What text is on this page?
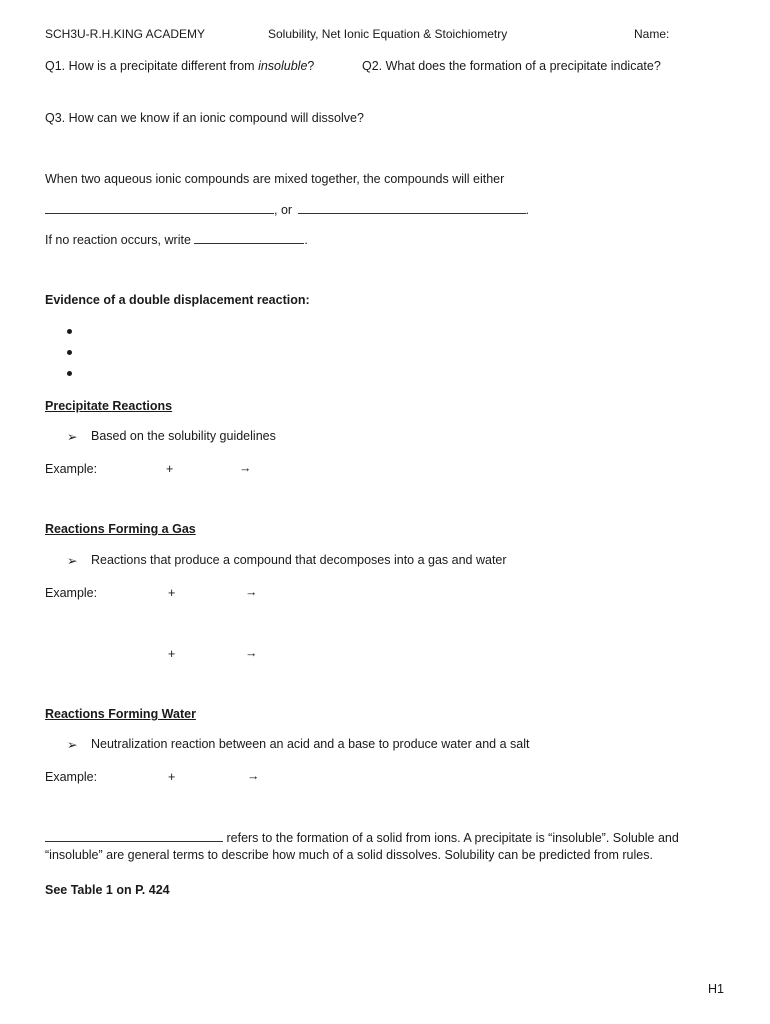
SCH3U-R.H.KING ACADEMY	Solubility, Net Ionic Equation & Stoichiometry	Name:
Q1. How is a precipitate different from insoluble?	Q2. What does the formation of a precipitate indicate?
Q3. How can we know if an ionic compound will dissolve?
When two aqueous ionic compounds are mixed together, the compounds will either
, or	.
If no reaction occurs, write	.
Evidence of a double displacement reaction:
Precipitate Reactions
➢ Based on the solubility guidelines
Example:	+	→
Reactions Forming a Gas
➢ Reactions that produce a compound that decomposes into a gas and water
Example:	+	→
+	→
Reactions Forming Water
➢ Neutralization reaction between an acid and a base to produce water and a salt
Example:	+	→
refers to the formation of a solid from ions. A precipitate is “insoluble”. Soluble and
“insoluble” are general terms to describe how much of a solid dissolves. Solubility can be predicted from rules.
See Table 1 on P. 424
H1
